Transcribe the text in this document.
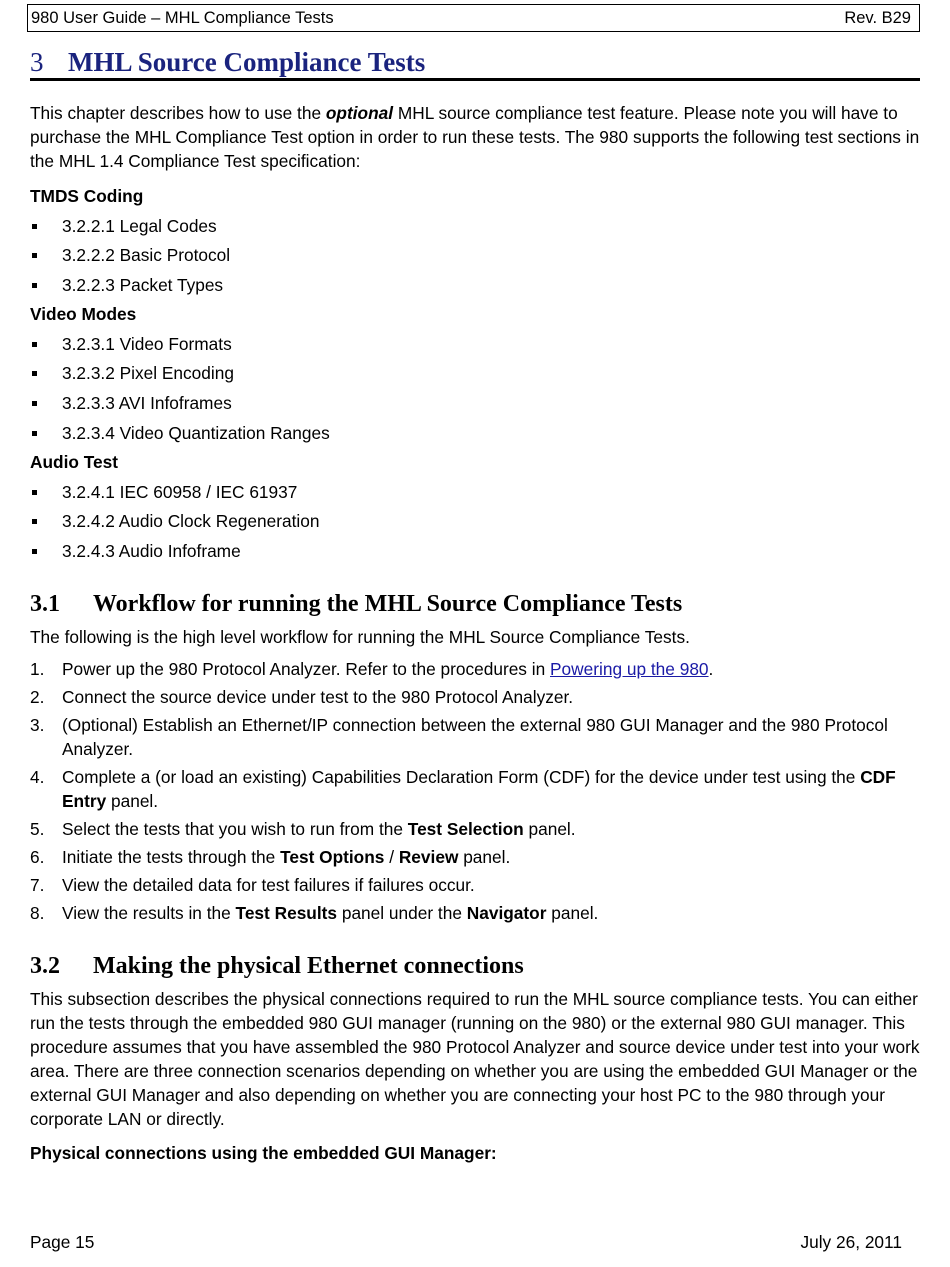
980 User Guide – MHL Compliance Tests	Rev. B29
3 MHL Source Compliance Tests

This chapter describes how to use the optional MHL source compliance test feature. Please note you will have to purchase the MHL Compliance Test option in order to run these tests. The 980 supports the following test sections in the MHL 1.4 Compliance Test specification:

TMDS Coding
3.2.2.1 Legal Codes
3.2.2.2 Basic Protocol
3.2.2.3 Packet Types
Video Modes
3.2.3.1 Video Formats
3.2.3.2 Pixel Encoding
3.2.3.3 AVI Infoframes
3.2.3.4 Video Quantization Ranges
Audio Test
3.2.4.1 IEC 60958 / IEC 61937
3.2.4.2 Audio Clock Regeneration
3.2.4.3 Audio Infoframe
3.1 Workflow for running the MHL Source Compliance Tests

The following is the high level workflow for running the MHL Source Compliance Tests.

1. Power up the 980 Protocol Analyzer. Refer to the procedures in Powering up the 980.
2. Connect the source device under test to the 980 Protocol Analyzer.
3. (Optional) Establish an Ethernet/IP connection between the external 980 GUI Manager and the 980 Protocol Analyzer.
4. Complete a (or load an existing) Capabilities Declaration Form (CDF) for the device under test using the CDF Entry panel.
5. Select the tests that you wish to run from the Test Selection panel.
6. Initiate the tests through the Test Options / Review panel.
7. View the detailed data for test failures if failures occur.
8. View the results in the Test Results panel under the Navigator panel.
3.2 Making the physical Ethernet connections

This subsection describes the physical connections required to run the MHL source compliance tests. You can either run the tests through the embedded 980 GUI manager (running on the 980) or the external 980 GUI manager. This procedure assumes that you have assembled the 980 Protocol Analyzer and source device under test into your work area. There are three connection scenarios depending on whether you are using the embedded GUI Manager or the external GUI Manager and also depending on whether you are connecting your host PC to the 980 through your corporate LAN or directly.

Physical connections using the embedded GUI Manager:
Page 15	July 26, 2011
